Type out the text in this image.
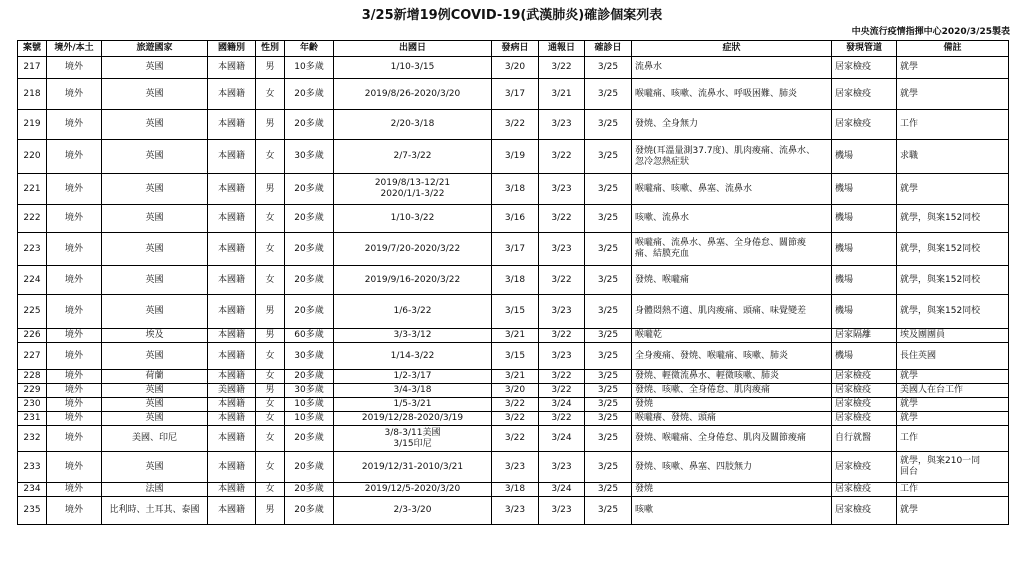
3/25新增19例COVID-19(武漢肺炎)確診個案列表
中央流行疫情指揮中心2020/3/25製表
案號	境外/本土	旅遊國家	國籍別	性別	年齡	出國日	發病日	通報日	確診日	症狀	發現管道	備註
217	境外	英國	本國籍	男	10多歲	1/10-3/15	3/20	3/22	3/25	流鼻水	居家檢疫	就學
218	境外	英國	本國籍	女	20多歲	2019/8/26-2020/3/20	3/17	3/21	3/25	喉嚨痛、咳嗽、流鼻水、呼吸困難、肺炎	居家檢疫	就學
219	境外	英國	本國籍	男	20多歲	2/20-3/18	3/22	3/23	3/25	發燒、全身無力	居家檢疫	工作
220	境外	英國	本國籍	女	30多歲	2/7-3/22	3/19	3/22	3/25	發燒(耳溫量測37.7度)、肌肉痠痛、流鼻水、
忽冷忽熱症狀	機場	求職
221	境外	英國	本國籍	男	20多歲	2019/8/13-12/21
2020/1/1-3/22	3/18	3/23	3/25	喉嚨痛、咳嗽、鼻塞、流鼻水	機場	就學
222	境外	英國	本國籍	女	20多歲	1/10-3/22	3/16	3/22	3/25	咳嗽、流鼻水	機場	就學，與案152同校
223	境外	英國	本國籍	女	20多歲	2019/7/20-2020/3/22	3/17	3/23	3/25	喉嚨痛、流鼻水、鼻塞、全身倦怠、關節痠
痛、結膜充血	機場	就學，與案152同校
224	境外	英國	本國籍	女	20多歲	2019/9/16-2020/3/22	3/18	3/22	3/25	發燒、喉嚨痛	機場	就學，與案152同校
225	境外	英國	本國籍	男	20多歲	1/6-3/22	3/15	3/23	3/25	身體悶熱不適、肌肉痠痛、頭痛、味覺變差	機場	就學，與案152同校
226	境外	埃及	本國籍	男	60多歲	3/3-3/12	3/21	3/22	3/25	喉嚨乾	居家隔離	埃及團團員
227	境外	英國	本國籍	女	30多歲	1/14-3/22	3/15	3/23	3/25	全身痠痛、發燒、喉嚨痛、咳嗽、肺炎	機場	長住英國
228	境外	荷蘭	本國籍	女	20多歲	1/2-3/17	3/21	3/22	3/25	發燒、輕微流鼻水、輕微咳嗽、肺炎	居家檢疫	就學
229	境外	英國	美國籍	男	30多歲	3/4-3/18	3/20	3/22	3/25	發燒、咳嗽、全身倦怠、肌肉痠痛	居家檢疫	美國人在台工作
230	境外	英國	本國籍	女	10多歲	1/5-3/21	3/22	3/24	3/25	發燒	居家檢疫	就學
231	境外	英國	本國籍	女	10多歲	2019/12/28-2020/3/19	3/22	3/22	3/25	喉嚨癢、發燒、頭痛	居家檢疫	就學
232	境外	美國、印尼	本國籍	女	20多歲	3/8-3/11美國
3/15印尼	3/22	3/24	3/25	發燒、喉嚨痛、全身倦怠、肌肉及關節痠痛	自行就醫	工作
233	境外	英國	本國籍	女	20多歲	2019/12/31-2010/3/21	3/23	3/23	3/25	發燒、咳嗽、鼻塞、四肢無力	居家檢疫	就學，與案210一同
回台
234	境外	法國	本國籍	女	20多歲	2019/12/5-2020/3/20	3/18	3/24	3/25	發燒	居家檢疫	工作
235	境外	比利時、土耳其、泰國	本國籍	男	20多歲	2/3-3/20	3/23	3/23	3/25	咳嗽	居家檢疫	就學
